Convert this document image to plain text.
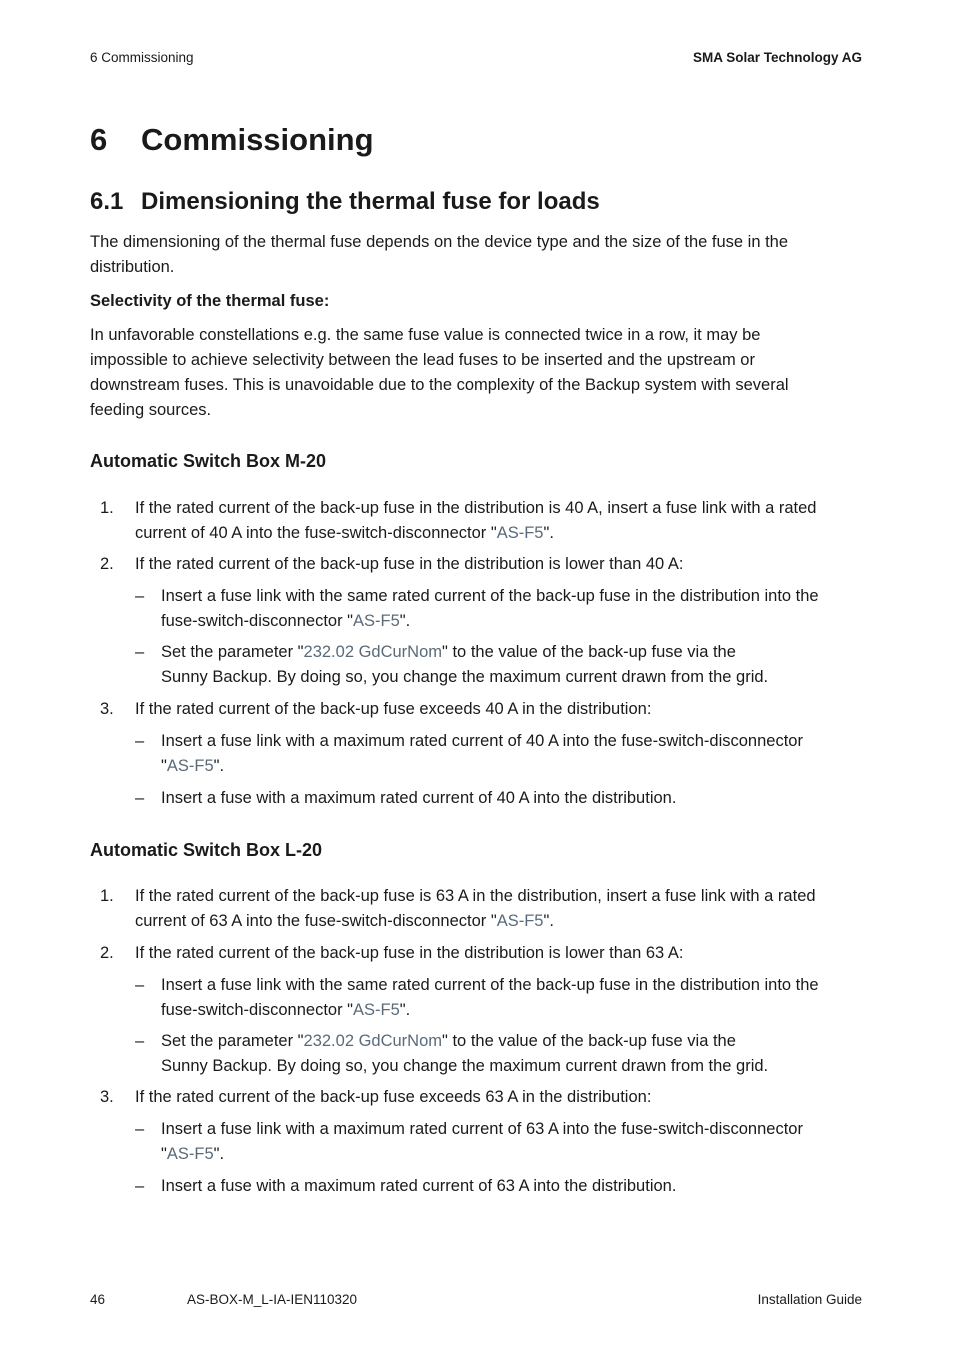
6 Commissioning	SMA Solar Technology AG
6 Commissioning
6.1 Dimensioning the thermal fuse for loads
The dimensioning of the thermal fuse depends on the device type and the size of the fuse in the
distribution.
Selectivity of the thermal fuse:
In unfavorable constellations e.g. the same fuse value is connected twice in a row, it may be
impossible to achieve selectivity between the lead fuses to be inserted and the upstream or
downstream fuses. This is unavoidable due to the complexity of the Backup system with several
feeding sources.
Automatic Switch Box M-20
1. If the rated current of the back-up fuse in the distribution is 40 A, insert a fuse link with a rated
current of 40 A into the fuse-switch-disconnector "AS-F5".
2. If the rated current of the back-up fuse in the distribution is lower than 40 A:
– Insert a fuse link with the same rated current of the back-up fuse in the distribution into the
fuse-switch-disconnector "AS-F5".
– Set the parameter "232.02 GdCurNom" to the value of the back-up fuse via the
Sunny Backup. By doing so, you change the maximum current drawn from the grid.
3. If the rated current of the back-up fuse exceeds 40 A in the distribution:
– Insert a fuse link with a maximum rated current of 40 A into the fuse-switch-disconnector
"AS-F5".
– Insert a fuse with a maximum rated current of 40 A into the distribution.
Automatic Switch Box L-20
1. If the rated current of the back-up fuse is 63 A in the distribution, insert a fuse link with a rated
current of 63 A into the fuse-switch-disconnector "AS-F5".
2. If the rated current of the back-up fuse in the distribution is lower than 63 A:
– Insert a fuse link with the same rated current of the back-up fuse in the distribution into the
fuse-switch-disconnector "AS-F5".
– Set the parameter "232.02 GdCurNom" to the value of the back-up fuse via the
Sunny Backup. By doing so, you change the maximum current drawn from the grid.
3. If the rated current of the back-up fuse exceeds 63 A in the distribution:
– Insert a fuse link with a maximum rated current of 63 A into the fuse-switch-disconnector
"AS-F5".
– Insert a fuse with a maximum rated current of 63 A into the distribution.
46	AS-BOX-M_L-IA-IEN110320	Installation Guide
